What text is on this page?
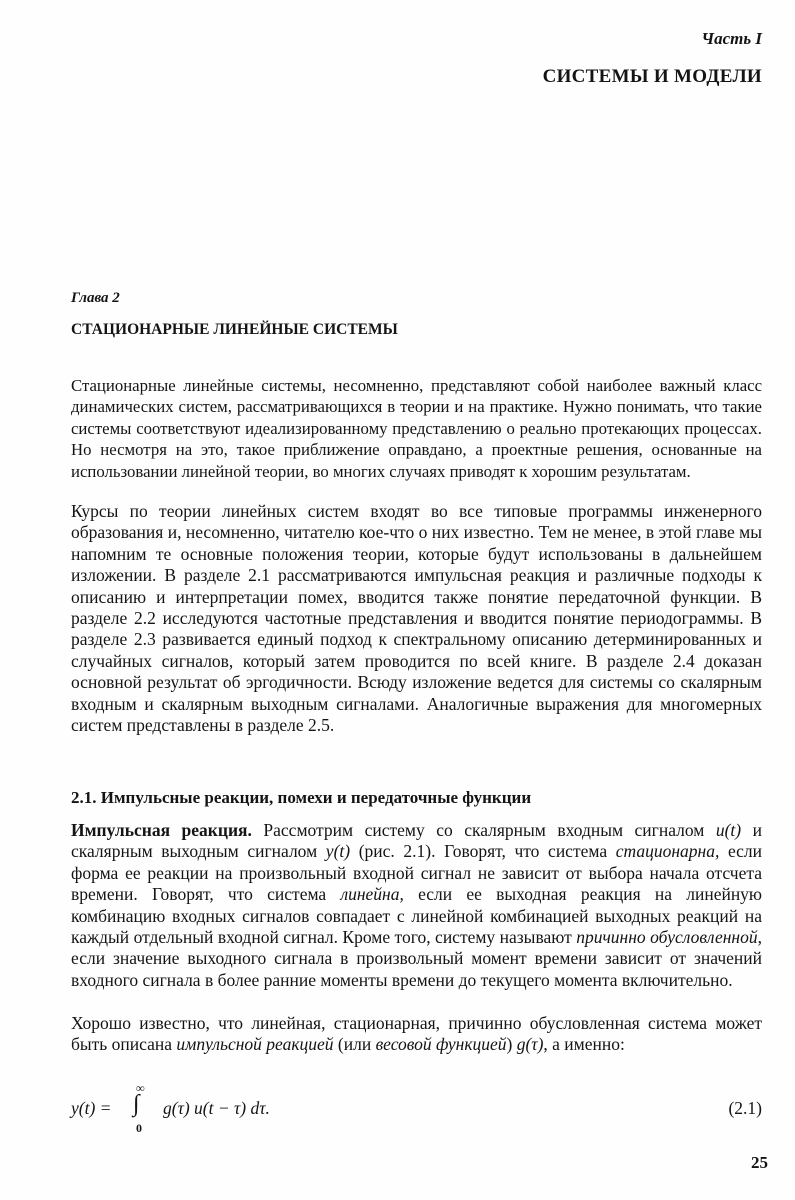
Часть I
СИСТЕМЫ И МОДЕЛИ
Глава 2
СТАЦИОНАРНЫЕ ЛИНЕЙНЫЕ СИСТЕМЫ

Стационарные линейные системы, несомненно, представляют собой наиболее важный класс динамических систем, рассматривающихся в теории и на практике. Нужно понимать, что такие системы соответствуют идеализированному представлению о реально протекающих процессах. Но несмотря на это, такое приближение оправдано, а проектные решения, основанные на использовании линейной теории, во многих случаях приводят к хорошим результатам.

Курсы по теории линейных систем входят во все типовые программы инженерного образования и, несомненно, читателю кое-что о них известно. Тем не менее, в этой главе мы напомним те основные положения теории, которые будут использованы в дальнейшем изложении. В разделе 2.1 рассматриваются импульсная реакция и различные подходы к описанию и интерпретации помех, вводится также понятие передаточной функции. В разделе 2.2 исследуются частотные представления и вводится понятие периодограммы. В разделе 2.3 развивается единый подход к спектральному описанию детерминированных и случайных сигналов, который затем проводится по всей книге. В разделе 2.4 доказан основной результат об эргодичности. Всюду изложение ведется для системы со скалярным входным и скалярным выходным сигналами. Аналогичные выражения для многомерных систем представлены в разделе 2.5.

2.1. Импульсные реакции, помехи и передаточные функции

Импульсная реакция. Рассмотрим систему со скалярным входным сигналом u(t) и скалярным выходным сигналом y(t) (рис. 2.1). Говорят, что система стационарна, если форма ее реакции на произвольный входной сигнал не зависит от выбора начала отсчета времени. Говорят, что система линейна, если ее выходная реакция на линейную комбинацию входных сигналов совпадает с линейной комбинацией выходных реакций на каждый отдельный входной сигнал. Кроме того, систему называют причинно обусловленной, если значение выходного сигнала в произвольный момент времени зависит от значений входного сигнала в более ранние моменты времени до текущего момента включительно.

Хорошо известно, что линейная, стационарная, причинно обусловленная система может быть описана импульсной реакцией (или весовой функцией) g(τ), а именно:

y(t) =
∞
∫
0
g(τ) u(t − τ) dτ.	(2.1)
25
